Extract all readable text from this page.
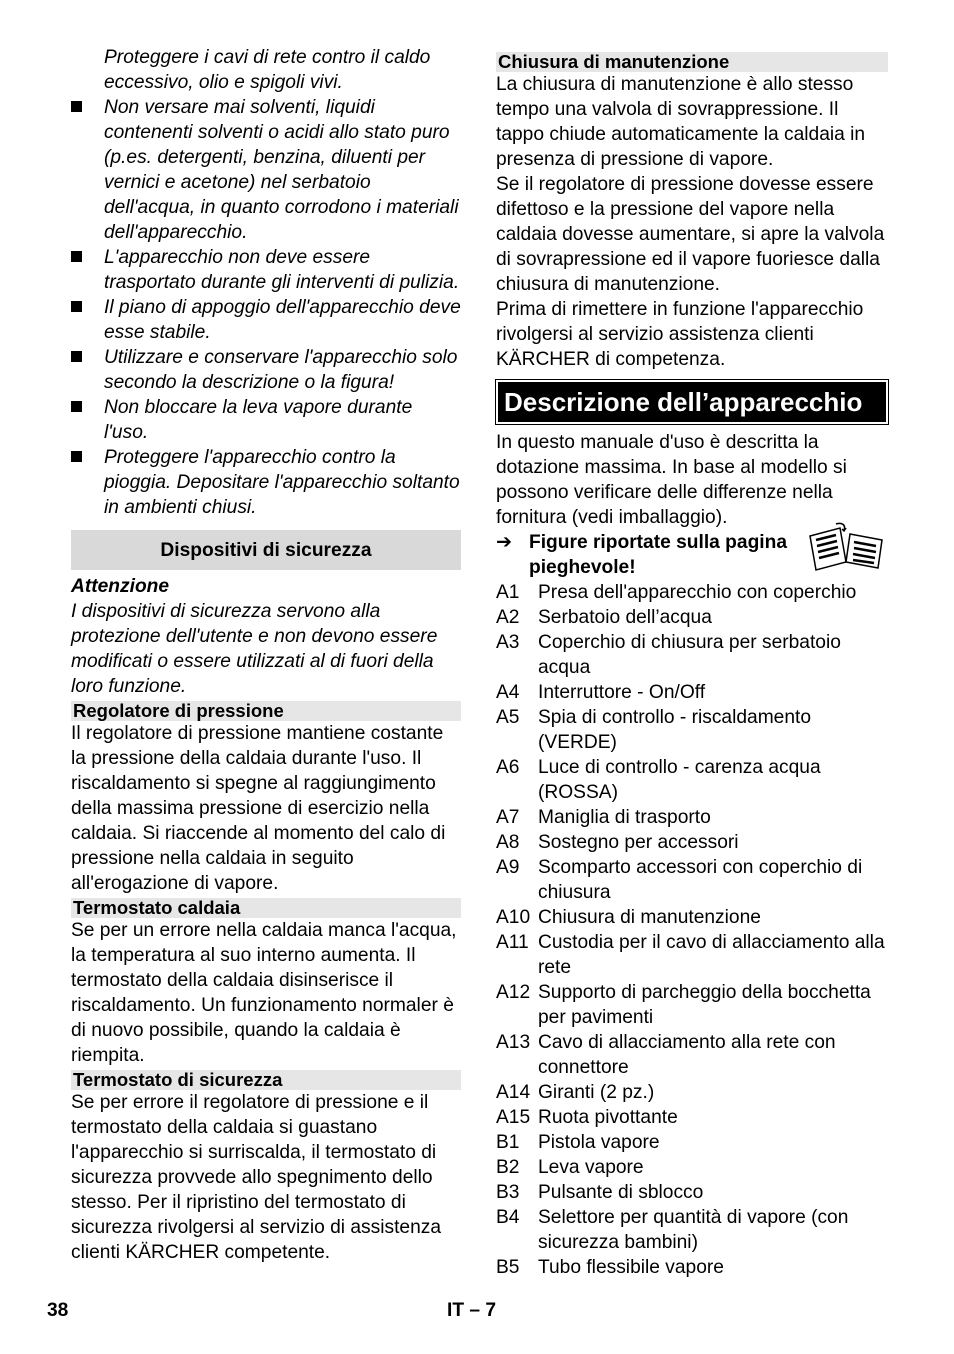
Proteggere i cavi di rete contro il caldo eccessivo, olio e spigoli vivi.

Non versare mai solventi, liquidi contenenti solventi o acidi allo stato puro (p.es. detergenti, benzina, diluenti per vernici e acetone) nel serbatoio dell'acqua, in quanto corrodono i materiali dell'apparecchio.
L'apparecchio non deve essere trasportato durante gli interventi di pulizia.
Il piano di appoggio dell'apparecchio deve esse stabile.
Utilizzare e conservare l'apparecchio solo secondo la descrizione o la figura!
Non bloccare la leva vapore durante l'uso.
Proteggere l'apparecchio contro la pioggia. Depositare l'apparecchio soltanto in ambienti chiusi.
Dispositivi di sicurezza

Attenzione

I dispositivi di sicurezza servono alla protezione dell'utente e non devono essere modificati o essere utilizzati al di fuori della loro funzione.

Regolatore di pressione

Il regolatore di pressione mantiene costante la pressione della caldaia durante l'uso. Il riscaldamento si spegne al raggiungimento della massima pressione di esercizio nella caldaia. Si riaccende al momento del calo di pressione nella caldaia in seguito all'erogazione di vapore.

Termostato caldaia

Se per un errore nella caldaia manca l'acqua, la temperatura al suo interno aumenta. Il termostato della caldaia disinserisce il riscaldamento. Un funzionamento normaler è di nuovo possibile, quando la caldaia è riempita.

Termostato di sicurezza

Se per errore il regolatore di pressione e il termostato della caldaia si guastano l'apparecchio si surriscalda, il termostato di sicurezza provvede allo spegnimento dello stesso. Per il ripristino del termostato di sicurezza rivolgersi al servizio di assistenza clienti KÄRCHER competente.

Chiusura di manutenzione

La chiusura di manutenzione è allo stesso tempo una valvola di sovrappressione. Il tappo chiude automaticamente la caldaia in presenza di pressione di vapore.

Se il regolatore di pressione dovesse essere difettoso e la pressione del vapore nella caldaia dovesse aumentare, si apre la valvola di sovrapressione ed il vapore fuoriesce dalla chiusura di manutenzione.

Prima di rimettere in funzione l'apparecchio rivolgersi al servizio assistenza clienti KÄRCHER di competenza.

Descrizione dell’apparecchio

In questo manuale d'uso è descritta la dotazione massima. In base al modello si possono verificare delle differenze nella fornitura (vedi imballaggio).

➔ Figure riportate sulla pagina pieghevole!
A1	Presa dell'apparecchio con coperchio
A2	Serbatoio dell’acqua
A3	Coperchio di chiusura per serbatoio acqua
A4	Interruttore - On/Off
A5	Spia di controllo - riscaldamento (VERDE)
A6	Luce di controllo - carenza acqua (ROSSA)
A7	Maniglia di trasporto
A8	Sostegno per accessori
A9	Scomparto accessori con coperchio di chiusura
A10	Chiusura di manutenzione
A11	Custodia per il cavo di allacciamento alla rete
A12	Supporto di parcheggio della bocchetta per pavimenti
A13	Cavo di allacciamento alla rete con connettore
A14	Giranti (2 pz.)
A15	Ruota pivottante
B1	Pistola vapore
B2	Leva vapore
B3	Pulsante di sblocco
B4	Selettore per quantità di vapore (con sicurezza bambini)
B5	Tubo flessibile vapore
38	IT – 7
